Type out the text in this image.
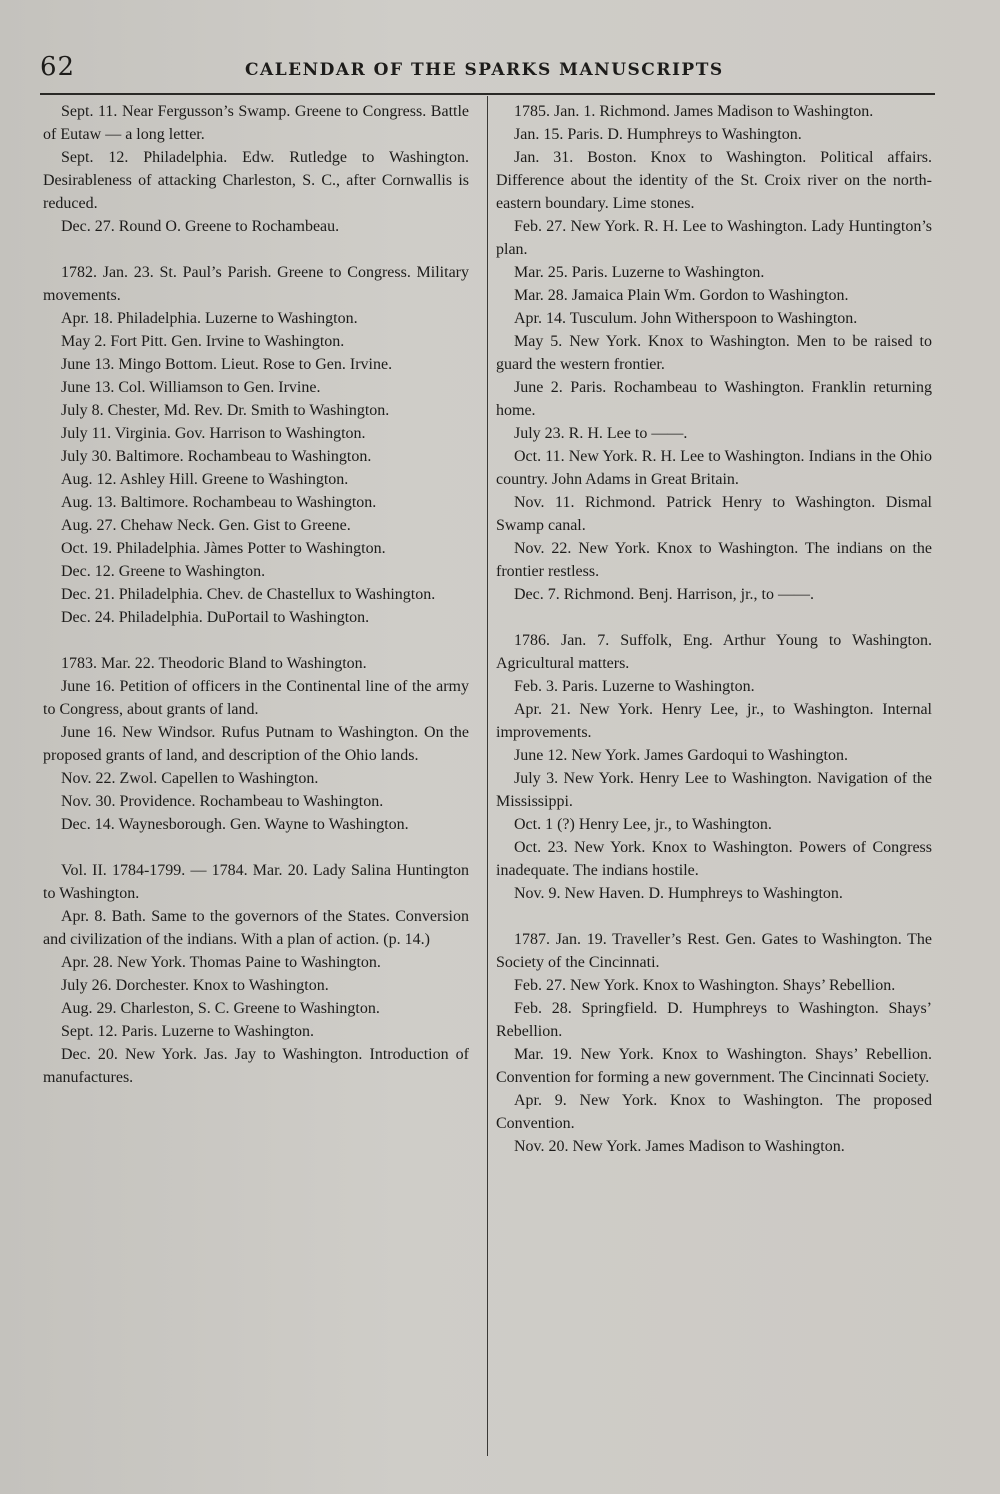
62	CALENDAR OF THE SPARKS MANUSCRIPTS

Sept. 11. Near Fergusson’s Swamp. Greene to Congress. Battle of Eutaw — a long letter.

Sept. 12. Philadelphia. Edw. Rutledge to Washington. Desirableness of attacking Charleston, S. C., after Cornwallis is reduced.

Dec. 27. Round O. Greene to Rochambeau.

1782. Jan. 23. St. Paul’s Parish. Greene to Congress. Military movements.

Apr. 18. Philadelphia. Luzerne to Washington.

May 2. Fort Pitt. Gen. Irvine to Washington.

June 13. Mingo Bottom. Lieut. Rose to Gen. Irvine.

June 13. Col. Williamson to Gen. Irvine.

July 8. Chester, Md. Rev. Dr. Smith to Washington.

July 11. Virginia. Gov. Harrison to Washington.

July 30. Baltimore. Rochambeau to Washington.

Aug. 12. Ashley Hill. Greene to Washington.

Aug. 13. Baltimore. Rochambeau to Washington.

Aug. 27. Chehaw Neck. Gen. Gist to Greene.

Oct. 19. Philadelphia. Jàmes Potter to Washington.

Dec. 12. Greene to Washington.

Dec. 21. Philadelphia. Chev. de Chastellux to Washington.

Dec. 24. Philadelphia. DuPortail to Washington.

1783. Mar. 22. Theodoric Bland to Washington.

June 16. Petition of officers in the Continental line of the army to Congress, about grants of land.

June 16. New Windsor. Rufus Putnam to Washington. On the proposed grants of land, and description of the Ohio lands.

Nov. 22. Zwol. Capellen to Washington.

Nov. 30. Providence. Rochambeau to Washington.

Dec. 14. Waynesborough. Gen. Wayne to Washington.

Vol. II. 1784-1799. — 1784. Mar. 20. Lady Salina Huntington to Washington.

Apr. 8. Bath. Same to the governors of the States. Conversion and civilization of the indians. With a plan of action. (p. 14.)

Apr. 28. New York. Thomas Paine to Washington.

July 26. Dorchester. Knox to Washington.

Aug. 29. Charleston, S. C. Greene to Washington.

Sept. 12. Paris. Luzerne to Washington.

Dec. 20. New York. Jas. Jay to Washington. Introduction of manufactures.

1785. Jan. 1. Richmond. James Madison to Washington.

Jan. 15. Paris. D. Humphreys to Washington.

Jan. 31. Boston. Knox to Washington. Political affairs. Difference about the identity of the St. Croix river on the north-eastern boundary. Lime stones.

Feb. 27. New York. R. H. Lee to Washington. Lady Huntington’s plan.

Mar. 25. Paris. Luzerne to Washington.

Mar. 28. Jamaica Plain Wm. Gordon to Washington.

Apr. 14. Tusculum. John Witherspoon to Washington.

May 5. New York. Knox to Washington. Men to be raised to guard the western frontier.

June 2. Paris. Rochambeau to Washington. Franklin returning home.

July 23. R. H. Lee to ——.

Oct. 11. New York. R. H. Lee to Washington. Indians in the Ohio country. John Adams in Great Britain.

Nov. 11. Richmond. Patrick Henry to Washington. Dismal Swamp canal.

Nov. 22. New York. Knox to Washington. The indians on the frontier restless.

Dec. 7. Richmond. Benj. Harrison, jr., to ——.

1786. Jan. 7. Suffolk, Eng. Arthur Young to Washington. Agricultural matters.

Feb. 3. Paris. Luzerne to Washington.

Apr. 21. New York. Henry Lee, jr., to Washington. Internal improvements.

June 12. New York. James Gardoqui to Washington.

July 3. New York. Henry Lee to Washington. Navigation of the Mississippi.

Oct. 1 (?) Henry Lee, jr., to Washington.

Oct. 23. New York. Knox to Washington. Powers of Congress inadequate. The indians hostile.

Nov. 9. New Haven. D. Humphreys to Washington.

1787. Jan. 19. Traveller’s Rest. Gen. Gates to Washington. The Society of the Cincinnati.

Feb. 27. New York. Knox to Washington. Shays’ Rebellion.

Feb. 28. Springfield. D. Humphreys to Washington. Shays’ Rebellion.

Mar. 19. New York. Knox to Washington. Shays’ Rebellion. Convention for forming a new government. The Cincinnati Society.

Apr. 9. New York. Knox to Washington. The proposed Convention.

Nov. 20. New York. James Madison to Washington.
